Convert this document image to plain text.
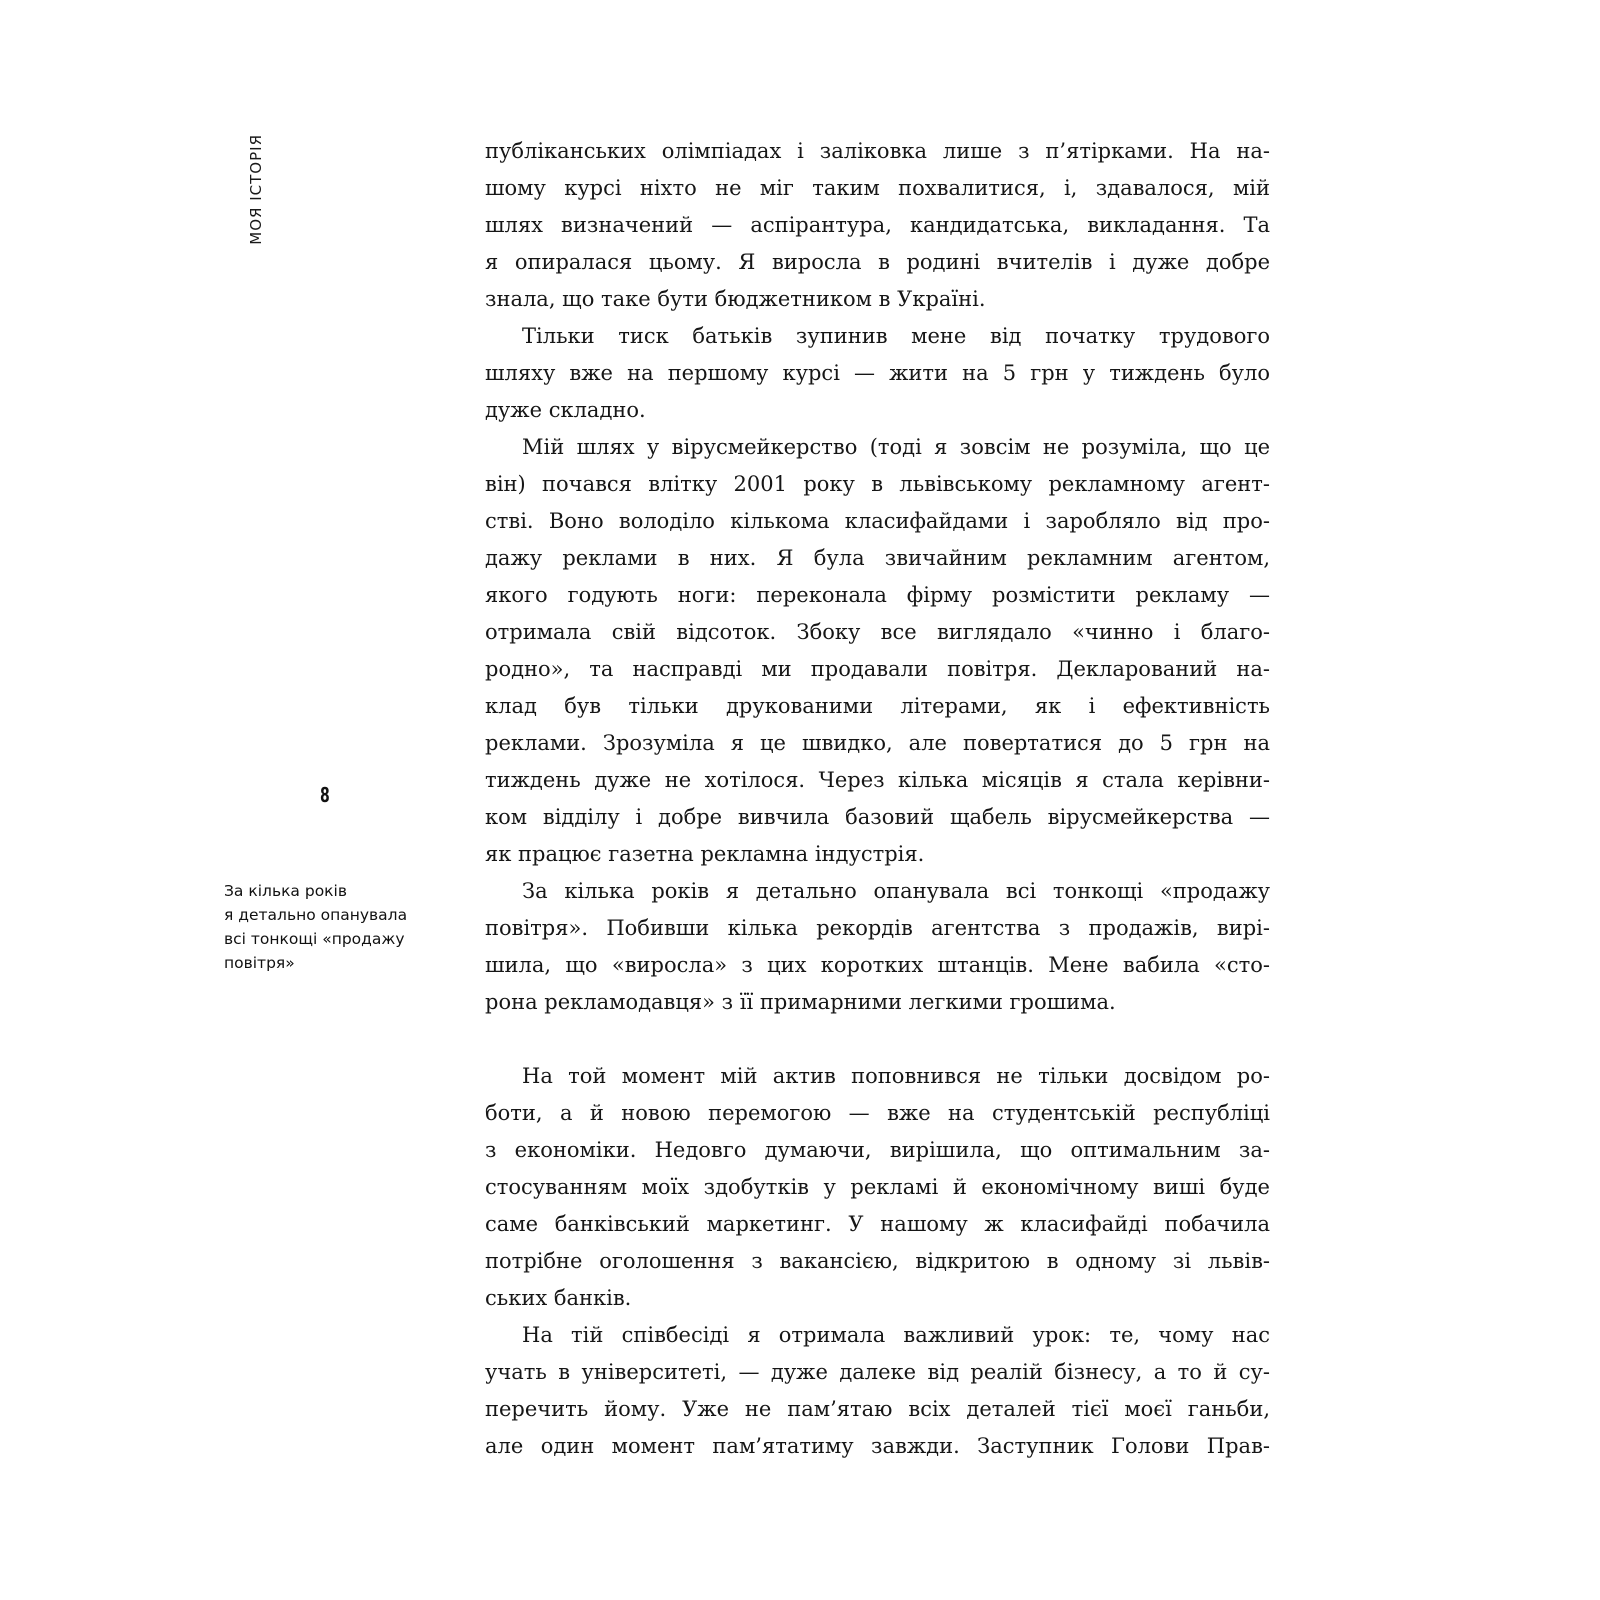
МОЯ ІСТОРІЯ
8
За кілька років
я детально опанувала
всі тонкощі «продажу
повітря»
публіканських олімпіадах і заліковка лише з п’ятірками. На на-
шому курсі ніхто не міг таким похвалитися, і, здавалося, мій
шлях визначений — аспірантура, кандидатська, викладання. Та
я опиралася цьому. Я виросла в родині вчителів і дуже добре
знала, що таке бути бюджетником в Україні.
Тільки тиск батьків зупинив мене від початку трудового
шляху вже на першому курсі — жити на 5 грн у тиждень було
дуже складно.
Мій шлях у вірусмейкерство (тоді я зовсім не розуміла, що це
він) почався влітку 2001 року в львівському рекламному агент-
стві. Воно володіло кількома класифайдами і заробляло від про-
дажу реклами в них. Я була звичайним рекламним агентом,
якого годують ноги: переконала фірму розмістити рекламу —
отримала свій відсоток. Збоку все виглядало «чинно і благо-
родно», та насправді ми продавали повітря. Декларований на-
клад був тільки друкованими літерами, як і ефективність
реклами. Зрозуміла я це швидко, але повертатися до 5 грн на
тиждень дуже не хотілося. Через кілька місяців я стала керівни-
ком відділу і добре вивчила базовий щабель вірусмейкерства —
як працює газетна рекламна індустрія.
За кілька років я детально опанувала всі тонкощі «продажу
повітря». Побивши кілька рекордів агентства з продажів, вирі-
шила, що «виросла» з цих коротких штанців. Мене вабила «сто-
рона рекламодавця» з її примарними легкими грошима.
На той момент мій актив поповнився не тільки досвідом ро-
боти, а й новою перемогою — вже на студентській республіці
з економіки. Недовго думаючи, вирішила, що оптимальним за-
стосуванням моїх здобутків у рекламі й економічному виші буде
саме банківський маркетинг. У нашому ж класифайді побачила
потрібне оголошення з вакансією, відкритою в одному зі львів-
ських банків.
На тій співбесіді я отримала важливий урок: те, чому нас
учать в університеті, — дуже далеке від реалій бізнесу, а то й су-
перечить йому. Уже не пам’ятаю всіх деталей тієї моєї ганьби,
але один момент пам’ятатиму завжди. Заступник Голови Прав-
